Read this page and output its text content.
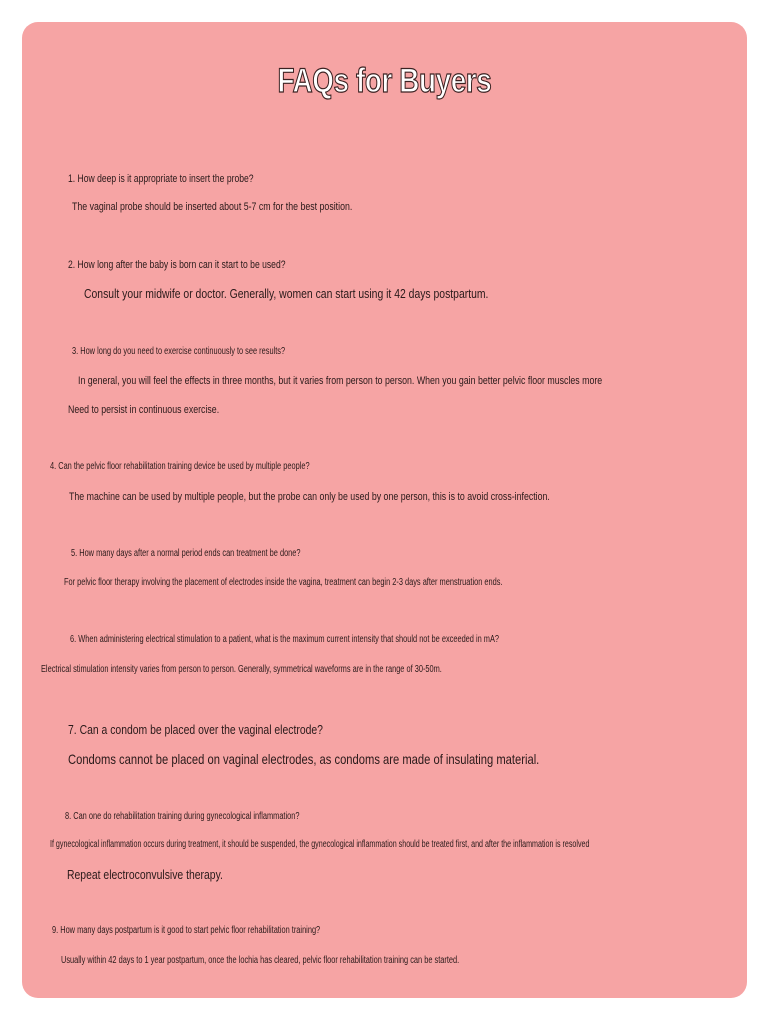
FAQs for Buyers
1. How deep is it appropriate to insert the probe?
The vaginal probe should be inserted about 5-7 cm for the best position.
2. How long after the baby is born can it start to be used?
Consult your midwife or doctor. Generally, women can start using it 42 days postpartum.
3. How long do you need to exercise continuously to see results?
In general, you will feel the effects in three months, but it varies from person to person. When you gain better pelvic floor muscles more
Need to persist in continuous exercise.
4. Can the pelvic floor rehabilitation training device be used by multiple people?
The machine can be used by multiple people, but the probe can only be used by one person, this is to avoid cross-infection.
5. How many days after a normal period ends can treatment be done?
For pelvic floor therapy involving the placement of electrodes inside the vagina, treatment can begin 2-3 days after menstruation ends.
6. When administering electrical stimulation to a patient, what is the maximum current intensity that should not be exceeded in mA?
Electrical stimulation intensity varies from person to person. Generally, symmetrical waveforms are in the range of 30-50m.
7. Can a condom be placed over the vaginal electrode?
Condoms cannot be placed on vaginal electrodes, as condoms are made of insulating material.
8. Can one do rehabilitation training during gynecological inflammation?
If gynecological inflammation occurs during treatment, it should be suspended, the gynecological inflammation should be treated first, and after the inflammation is resolved
Repeat electroconvulsive therapy.
9. How many days postpartum is it good to start pelvic floor rehabilitation training?
Usually within 42 days to 1 year postpartum, once the lochia has cleared, pelvic floor rehabilitation training can be started.
